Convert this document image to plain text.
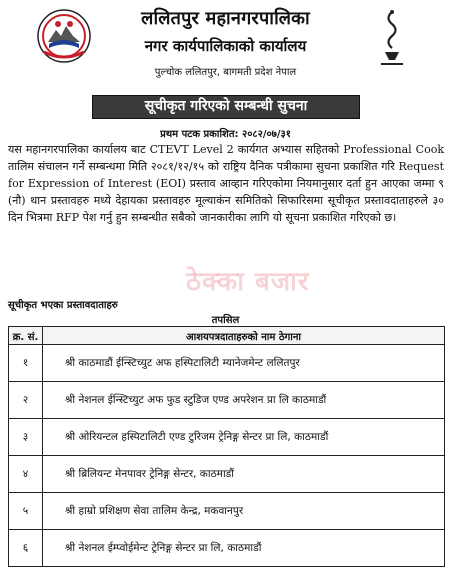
ललितपुर महानगरपालिका
नगर कार्यपालिकाको कार्यालय
पुल्चोक ललितपुर, बागमती प्रदेश नेपाल
सूचीकृत गरिएको सम्बन्धी सुचना
प्रथम पटक प्रकाशित: २०८२/०७/३१
यस महानगरपालिका कार्यालय बाट CTEVT Level 2 कार्यगत अभ्यास सहितको Professional Cook तालिम संचालन गर्ने सम्बन्धमा मिति २०८१/१२/१५ को राष्ट्रिय दैनिक पत्रीकामा सुचना प्रकाशित गरि Request for Expression of Interest (EOI) प्रस्ताव आव्हान गरिएकोमा नियमानुसार दर्ता हुन आएका जम्मा ९ (नौ) थान प्रस्तावहरु मध्ये देहायका प्रस्तावहरु मूल्याकंन समितिको सिफारिसमा सूचीकृत प्रस्तावदाताहरुले ३० दिन भित्रमा RFP पेश गर्नु हुन सम्बन्धीत सबैको जानकारीका लागि यो सूचना प्रकाशित गरिएको छ।
ठेक्का बजार
सूचीकृत भएका प्रस्तावदाताहरु
तपसिल
क्र. सं.	आशयपत्रदाताहरुको नाम ठेगाना
१	श्री काठमाडौं ईन्स्टिच्युट अफ हस्पिटालिटी म्यानेजमेन्ट ललितपुर
२	श्री नेशनल ईन्स्टिच्युट अफ फुड स्टुडिज एण्ड अपरेशन प्रा लि काठमाडौं
३	श्री ओरियन्टल हस्पिटालिटी एण्ड टुरिजम ट्रेनिङ्ग सेन्टर प्रा लि, काठमाडौं
४	श्री ब्रिलियन्ट मेनपावर ट्रेनिङ्ग सेन्टर, काठमाडौं
५	श्री हाम्रो प्रशिक्षण सेवा तालिम केन्द्र, मकवानपुर
६	श्री नेशनल ईम्प्वोईमेन्ट ट्रेनिङ्ग सेन्टर प्रा लि, काठमाडौं
